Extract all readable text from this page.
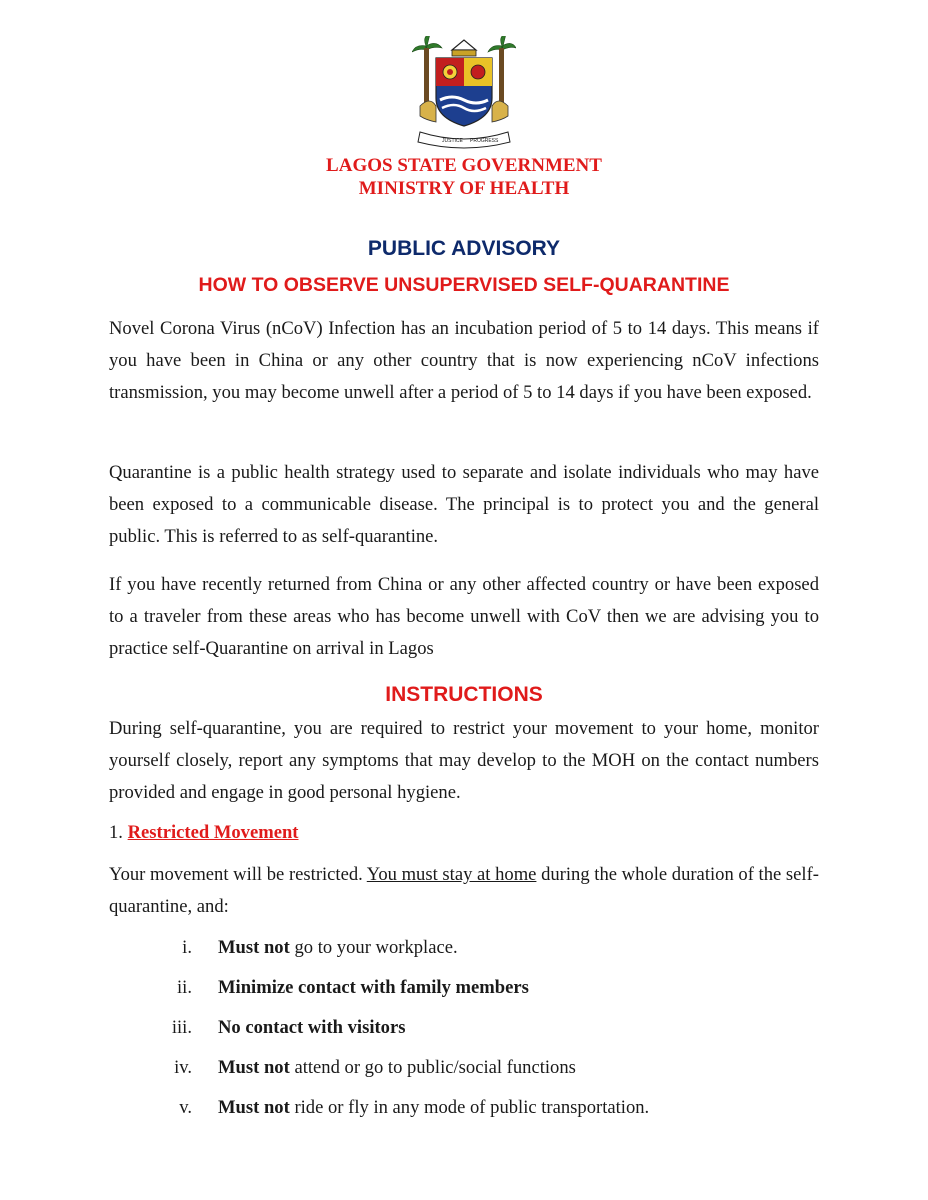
JUSTICE PROGRESS
LAGOS STATE GOVERNMENT
MINISTRY OF HEALTH
PUBLIC ADVISORY
HOW TO OBSERVE UNSUPERVISED SELF-QUARANTINE

Novel Corona Virus (nCoV) Infection has an incubation period of 5 to 14 days. This means if you have been in China or any other country that is now experiencing nCoV infections transmission, you may become unwell after a period of 5 to 14 days if you have been exposed.

Quarantine is a public health strategy used to separate and isolate individuals who may have been exposed to a communicable disease. The principal is to protect you and the general public. This is referred to as self-quarantine.

If you have recently returned from China or any other affected country or have been exposed to a traveler from these areas who has become unwell with CoV then we are advising you to practice self-Quarantine on arrival in Lagos

INSTRUCTIONS

During self-quarantine, you are required to restrict your movement to your home, monitor yourself closely, report any symptoms that may develop to the MOH on the contact numbers provided and engage in good personal hygiene.

1. Restricted Movement

Your movement will be restricted. You must stay at home during the whole duration of the self-quarantine, and:

i. Must not go to your workplace.
ii. Minimize contact with family members
iii. No contact with visitors
iv. Must not attend or go to public/social functions
v. Must not ride or fly in any mode of public transportation.
